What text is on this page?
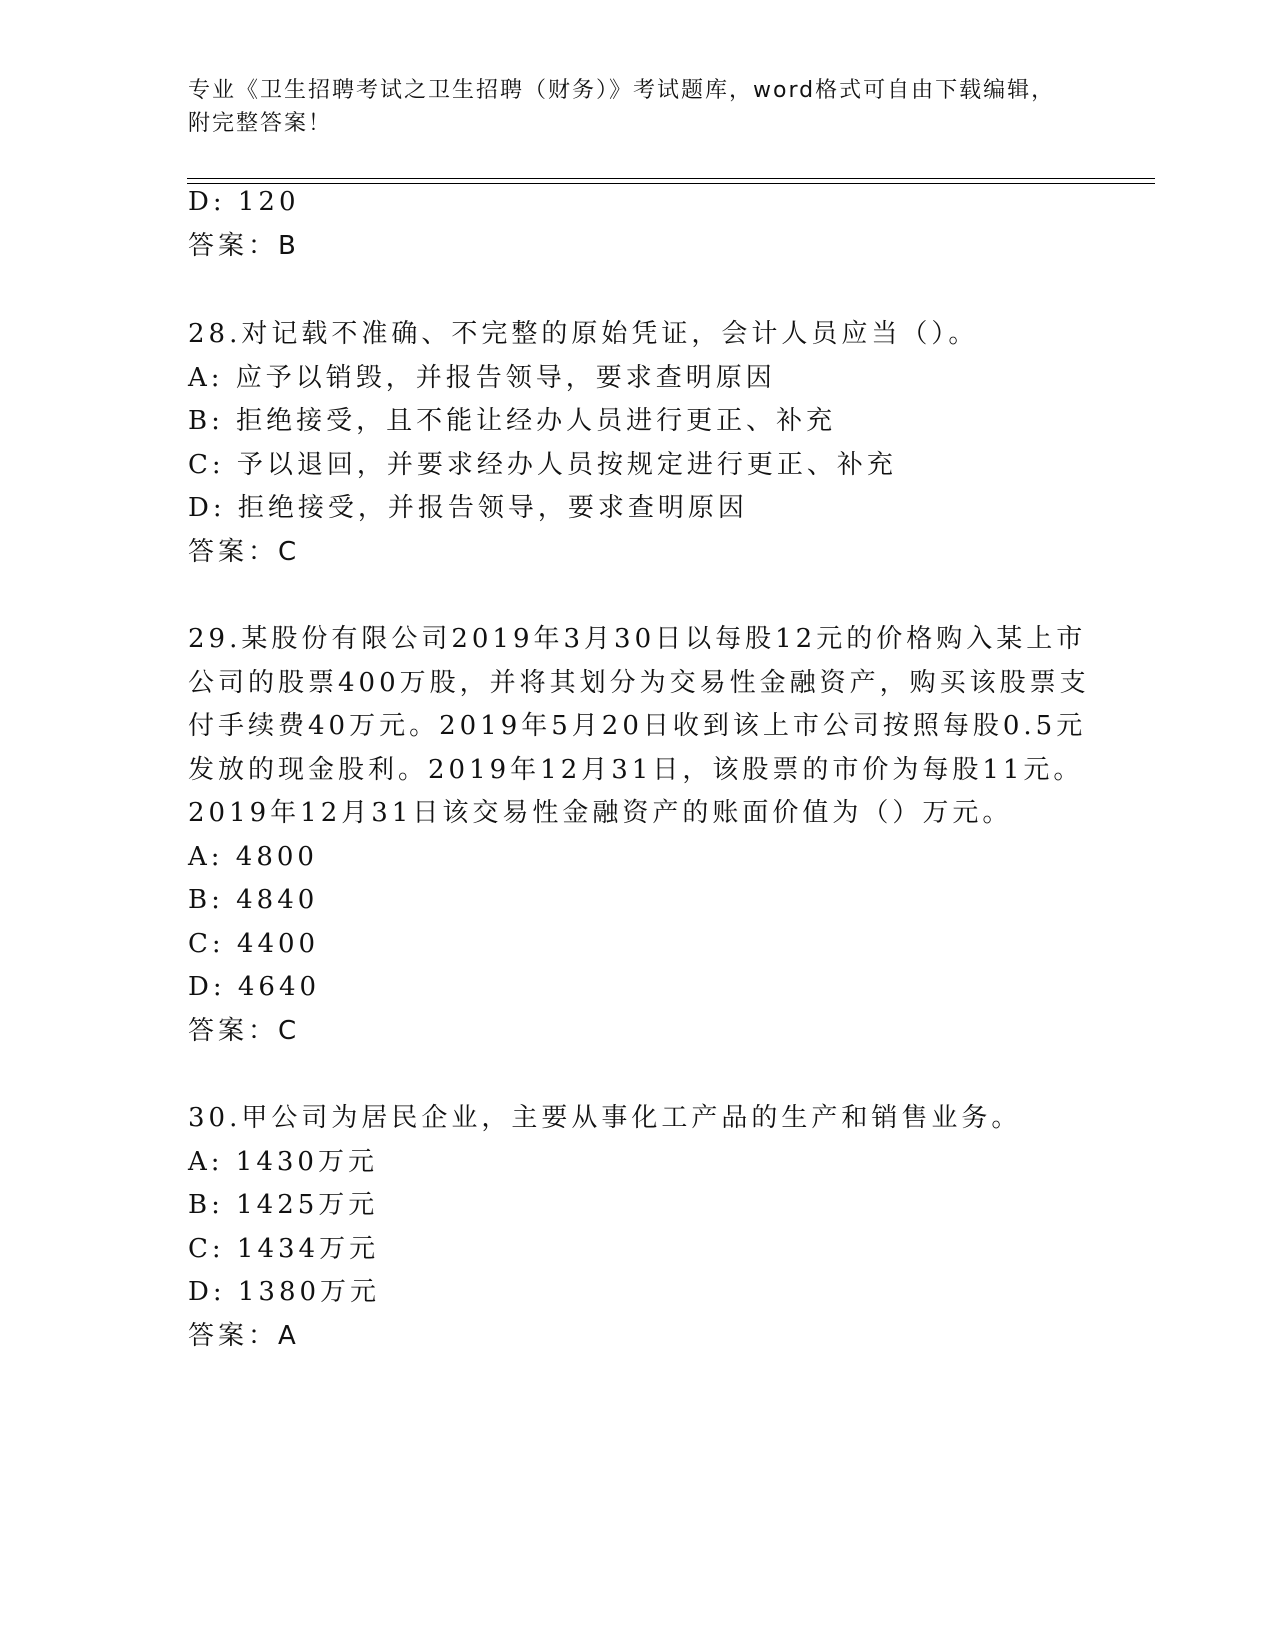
专业《卫生招聘考试之卫生招聘（财务）》考试题库，word格式可自由下载编辑，附完整答案！
D: 120
答案：B
28.对记载不准确、不完整的原始凭证，会计人员应当（）。
A: 应予以销毁，并报告领导，要求查明原因
B: 拒绝接受，且不能让经办人员进行更正、补充
C: 予以退回，并要求经办人员按规定进行更正、补充
D: 拒绝接受，并报告领导，要求查明原因
答案：C
29.某股份有限公司2019年3月30日以每股12元的价格购入某上市
公司的股票400万股，并将其划分为交易性金融资产，购买该股票支
付手续费40万元。2019年5月20日收到该上市公司按照每股0.5元
发放的现金股利。2019年12月31日，该股票的市价为每股11元。
2019年12月31日该交易性金融资产的账面价值为（）万元。
A: 4800
B: 4840
C: 4400
D: 4640
答案：C
30.甲公司为居民企业，主要从事化工产品的生产和销售业务。
A: 1430万元
B: 1425万元
C: 1434万元
D: 1380万元
答案：A
